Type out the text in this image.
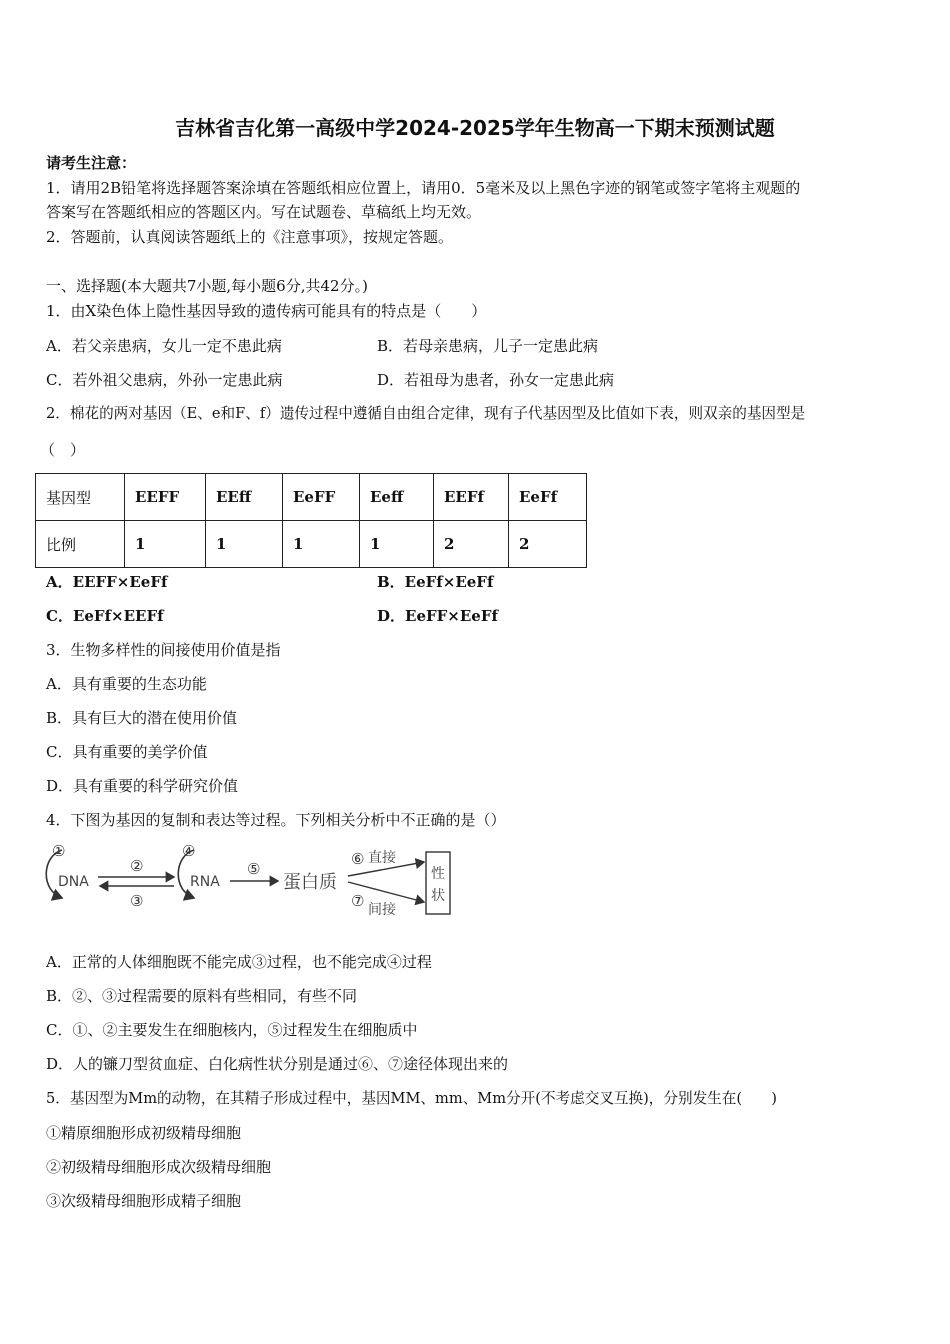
吉林省吉化第一高级中学2024-2025学年生物高一下期末预测试题
请考生注意：
1．请用2B铅笔将选择题答案涂填在答题纸相应位置上，请用0．5毫米及以上黑色字迹的钢笔或签字笔将主观题的
答案写在答题纸相应的答题区内。写在试题卷、草稿纸上均无效。
2．答题前，认真阅读答题纸上的《注意事项》，按规定答题。
一、选择题(本大题共7小题,每小题6分,共42分。)
1．由X染色体上隐性基因导致的遗传病可能具有的特点是（　　）
A．若父亲患病，女儿一定不患此病	B．若母亲患病，儿子一定患此病
C．若外祖父患病，外孙一定患此病	D．若祖母为患者，孙女一定患此病
2．棉花的两对基因（E、e和F、f）遗传过程中遵循自由组合定律，现有子代基因型及比值如下表，则双亲的基因型是
（　）
基因型	EEFF	EEff	EeFF	Eeff	EEFf	EeFf
比例	1	1	1	1	2	2
A．EEFF×EeFf	B．EeFf×EeFf
C．EeFf×EEFf	D．EeFF×EeFf
3．生物多样性的间接使用价值是指
A．具有重要的生态功能
B．具有巨大的潜在使用价值
C．具有重要的美学价值
D．具有重要的科学研究价值
4．下图为基因的复制和表达等过程。下列相关分析中不正确的是（）
①
DNA
②
③
④
RNA
⑤
蛋白质
⑥ 直接
⑦ 间接
性
状
A．正常的人体细胞既不能完成③过程，也不能完成④过程
B．②、③过程需要的原料有些相同，有些不同
C．①、②主要发生在细胞核内，⑤过程发生在细胞质中
D．人的镰刀型贫血症、白化病性状分别是通过⑥、⑦途径体现出来的
5．基因型为Mm的动物，在其精子形成过程中，基因MM、mm、Mm分开(不考虑交叉互换)，分别发生在(　　)
①精原细胞形成初级精母细胞
②初级精母细胞形成次级精母细胞
③次级精母细胞形成精子细胞
